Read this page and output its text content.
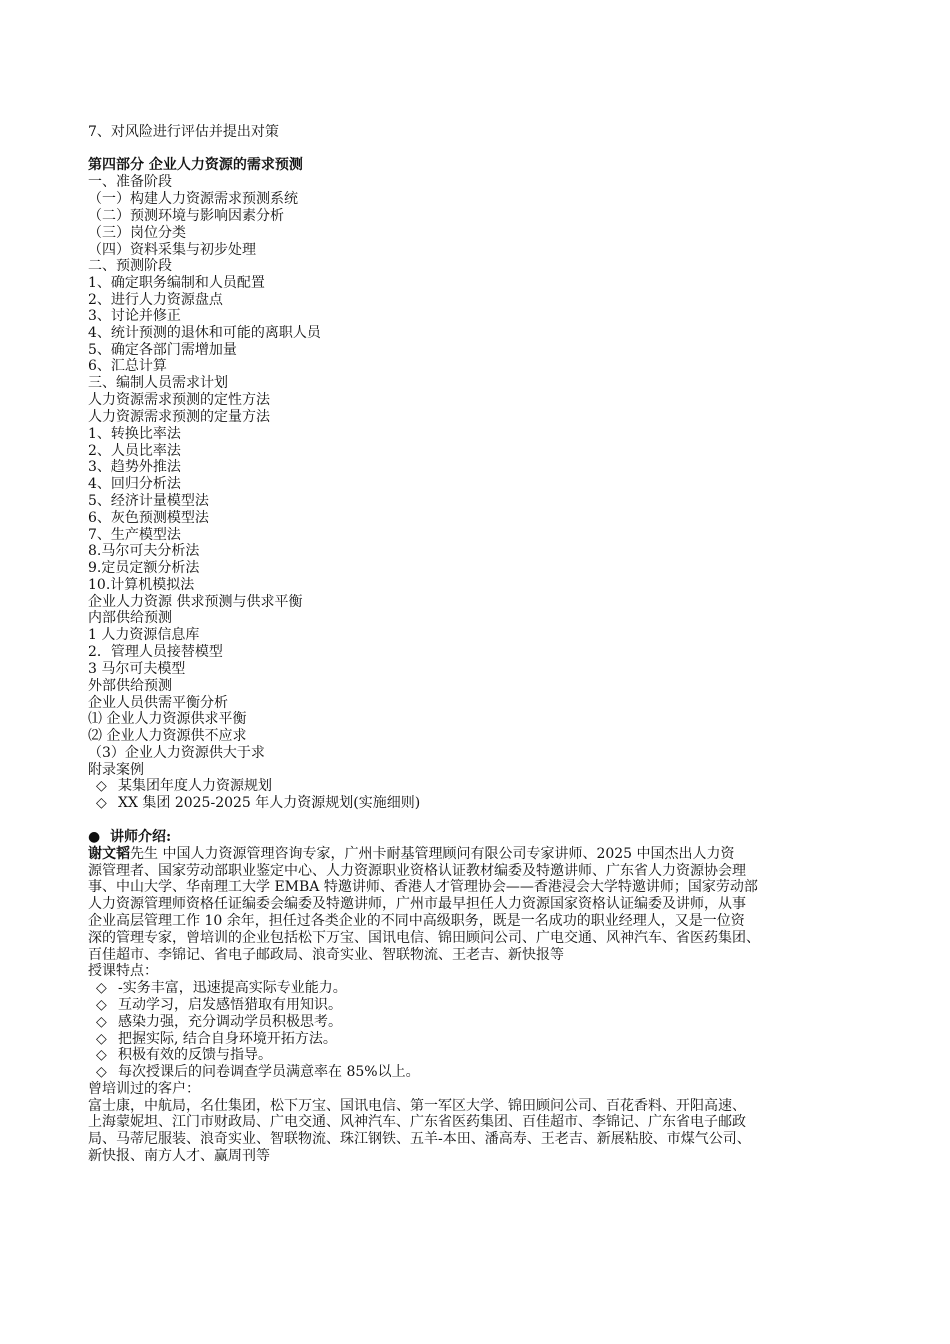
7、对风险进行评估并提出对策
第四部分 企业人力资源的需求预测
一、准备阶段
（一）构建人力资源需求预测系统
（二）预测环境与影响因素分析
（三）岗位分类
（四）资料采集与初步处理
二、预测阶段
1、确定职务编制和人员配置
2、进行人力资源盘点
3、讨论并修正
4、统计预测的退休和可能的离职人员
5、确定各部门需增加量
6、汇总计算
三、编制人员需求计划
人力资源需求预测的定性方法
人力资源需求预测的定量方法
1、转换比率法
2、人员比率法
3、趋势外推法
4、回归分析法
5、经济计量模型法
6、灰色预测模型法
7、生产模型法
8.马尔可夫分析法
9.定员定额分析法
10.计算机模拟法
企业人力资源 供求预测与供求平衡
内部供给预测
1 人力资源信息库
2．管理人员接替模型
3 马尔可夫模型
外部供给预测
企业人员供需平衡分析
⑴ 企业人力资源供求平衡
⑵ 企业人力资源供不应求
（3）企业人力资源供大于求
附录案例
◇ 某集团年度人力资源规划
◇ XX 集团 2025-2025 年人力资源规划(实施细则)
● 讲师介绍:
谢文韬先生 中国人力资源管理咨询专家，广州卡耐基管理顾问有限公司专家讲师、2025 中国杰出人力资
源管理者、国家劳动部职业鉴定中心、人力资源职业资格认证教材编委及特邀讲师、广东省人力资源协会理
事、中山大学、华南理工大学 EMBA 特邀讲师、香港人才管理协会——香港浸会大学特邀讲师；国家劳动部
人力资源管理师资格任证编委会编委及特邀讲师，广州市最早担任人力资源国家资格认证编委及讲师，从事
企业高层管理工作 10 余年，担任过各类企业的不同中高级职务，既是一名成功的职业经理人，又是一位资
深的管理专家，曾培训的企业包括松下万宝、国讯电信、锦田顾问公司、广电交通、风神汽车、省医药集团、
百佳超市、李锦记、省电子邮政局、浪奇实业、智联物流、王老吉、新快报等
授课特点：
◇ -实务丰富，迅速提高实际专业能力。
◇ 互动学习，启发感悟猎取有用知识。
◇ 感染力强，充分调动学员积极思考。
◇ 把握实际, 结合自身环境开拓方法。
◇ 积极有效的反馈与指导。
◇ 每次授课后的问卷调查学员满意率在 85%以上。
曾培训过的客户：
富士康，中航局，名仕集团，松下万宝、国讯电信、第一军区大学、锦田顾问公司、百花香料、开阳高速、
上海蒙妮坦、江门市财政局、广电交通、风神汽车、广东省医药集团、百佳超市、李锦记、广东省电子邮政
局、马蒂尼服装、浪奇实业、智联物流、珠江钢铁、五羊-本田、潘高寿、王老吉、新展粘胶、市煤气公司、
新快报、南方人才、赢周刊等
